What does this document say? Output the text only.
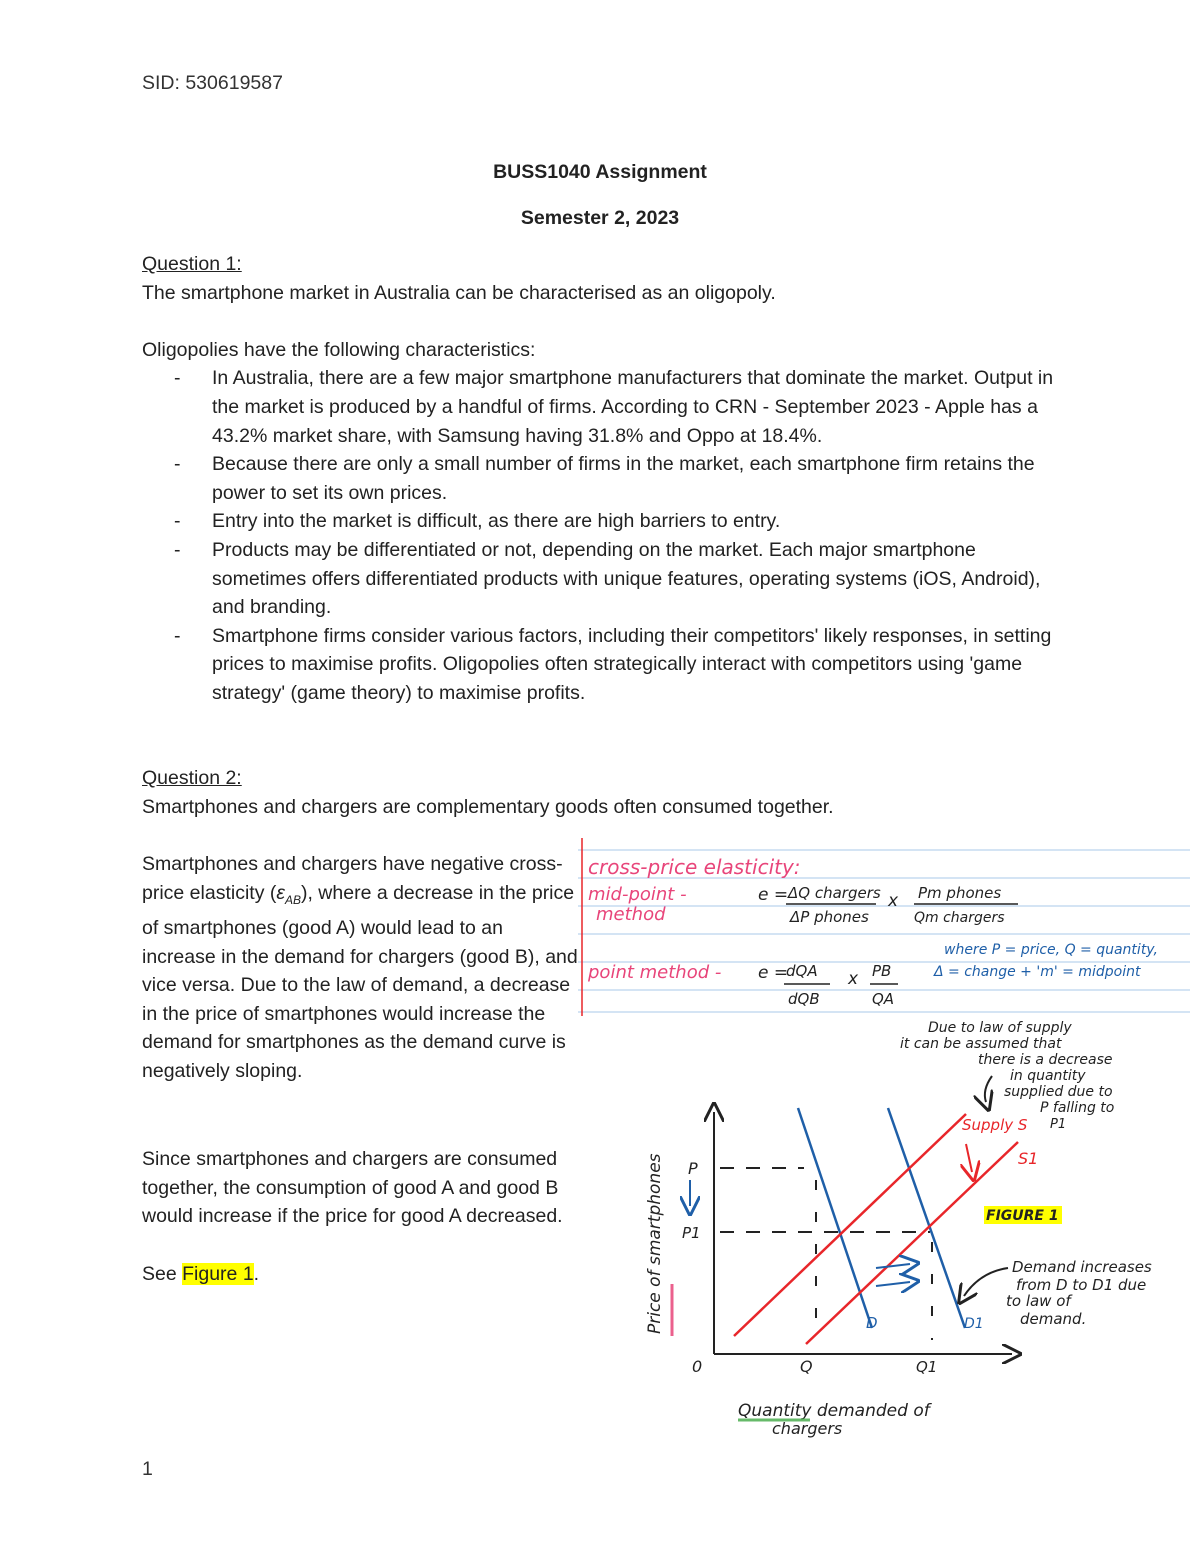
SID: 530619587
BUSS1040 Assignment
Semester 2, 2023
Question 1:
The smartphone market in Australia can be characterised as an oligopoly.
Oligopolies have the following characteristics:
- In Australia, there are a few major smartphone manufacturers that dominate the market. Output in the market is produced by a handful of firms. According to CRN - September 2023 - Apple has a 43.2% market share, with Samsung having 31.8% and Oppo at 18.4%.
- Because there are only a small number of firms in the market, each smartphone firm retains the power to set its own prices.
- Entry into the market is difficult, as there are high barriers to entry.
- Products may be differentiated or not, depending on the market. Each major smartphone sometimes offers differentiated products with unique features, operating systems (iOS, Android), and branding.
- Smartphone firms consider various factors, including their competitors' likely responses, in setting prices to maximise profits. Oligopolies often strategically interact with competitors using 'game strategy' (game theory) to maximise profits.
Question 2:
Smartphones and chargers are complementary goods often consumed together.
Smartphones and chargers have negative cross-price elasticity $(\varepsilon_{AB})$, where a decrease in the price of smartphones (good A) would lead to an increase in the demand for chargers (good B), and vice versa. Due to the law of demand, a decrease in the price of smartphones would increase the demand for smartphones as the demand curve is negatively sloping.
Since smartphones and chargers are consumed together, the consumption of good A and good B would increase if the price for good A decreased.
See Figure 1.
cross-price elasticity:
mid-point -
method
e = ΔQ chargers
ΔP phones
x Pm phones
Qm chargers
where P = price, Q = quantity,
Δ = change + 'm' = midpoint
point method - e =
dQA
dQB
x PB
QA
P
P1
0	Q	Q1
D	D1
Supply S
S1
FIGURE 1
Due to law of supply
it can be assumed that
there is a decrease
in quantity
supplied due to
P falling to
P1
Demand increases
from D to D1 due
to law of
demand.
Price of smartphones
Quantity demanded of
chargers
1
